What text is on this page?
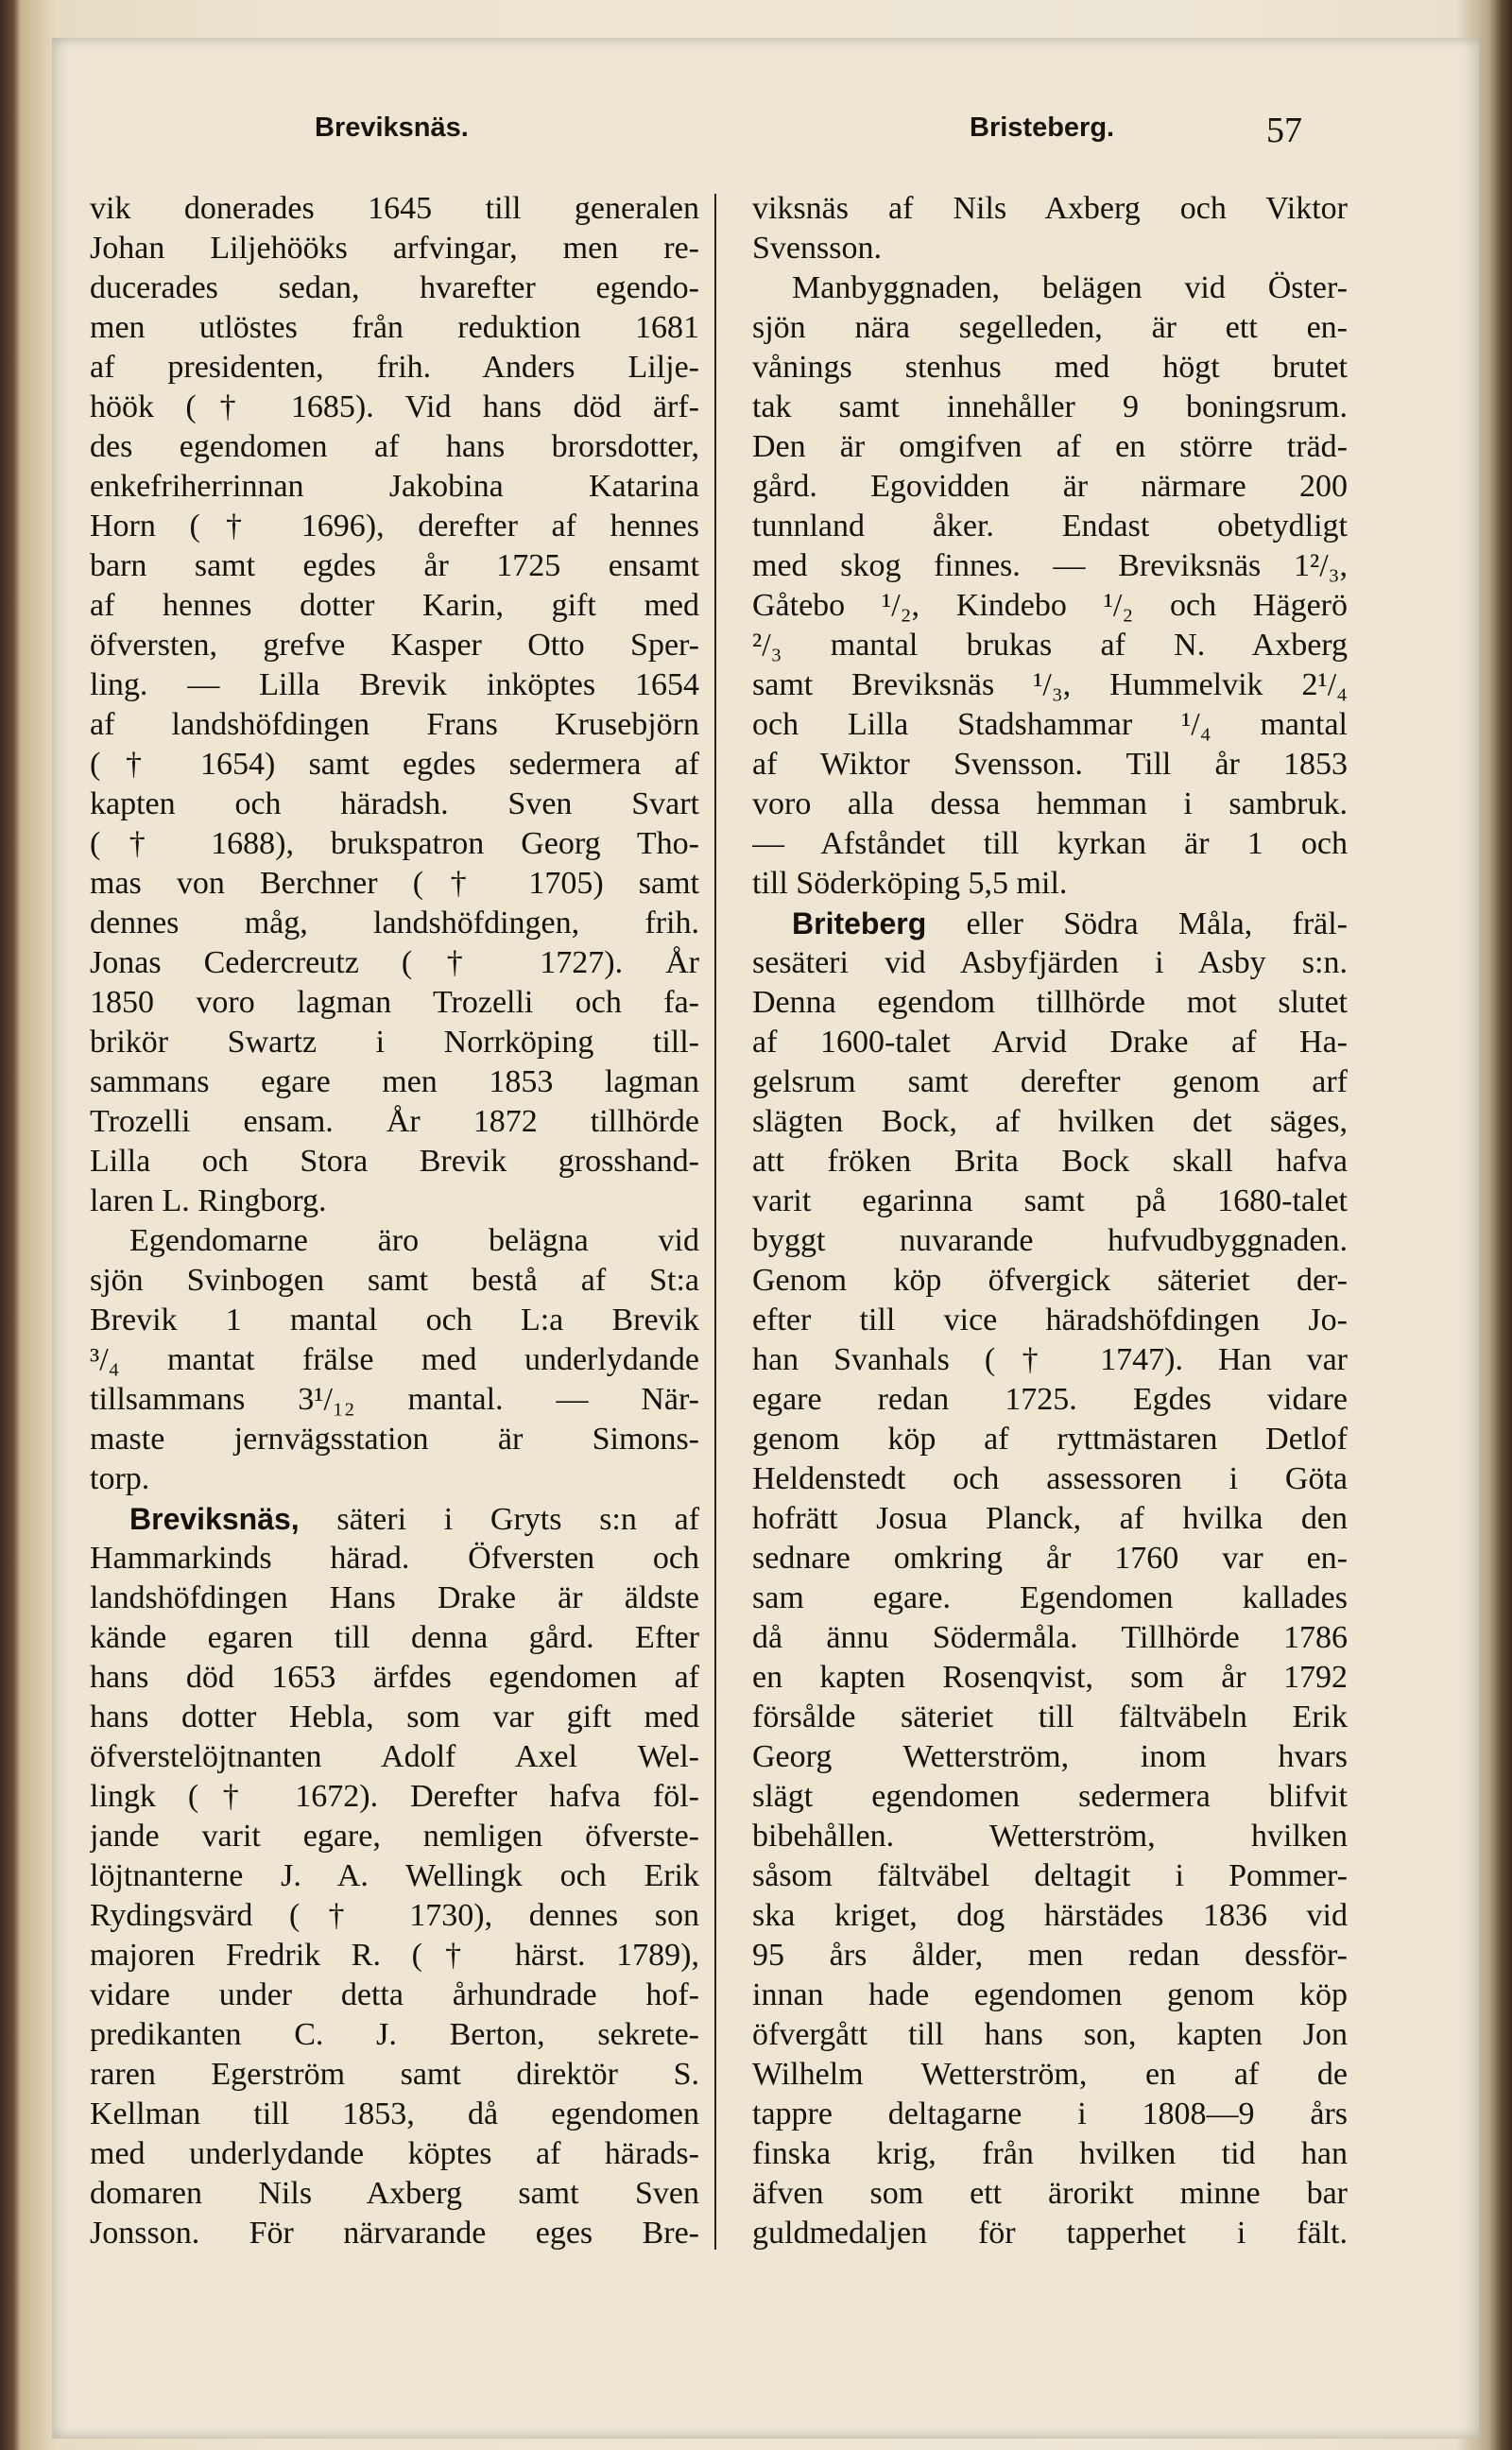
Breviksnäs.	Bristeberg.	57

vik donerades 1645 till generalen

Johan Liljehööks arfvingar, men re-

ducerades sedan, hvarefter egendo-

men utlöstes från reduktion 1681

af presidenten, frih. Anders Lilje-

höök († 1685). Vid hans död ärf-

des egendomen af hans brorsdotter,

enkefriherrinnan Jakobina Katarina

Horn († 1696), derefter af hennes

barn samt egdes år 1725 ensamt

af hennes dotter Karin, gift med

öfversten, grefve Kasper Otto Sper-

ling. — Lilla Brevik inköptes 1654

af landshöfdingen Frans Krusebjörn

(† 1654) samt egdes sedermera af

kapten och häradsh. Sven Svart

(† 1688), brukspatron Georg Tho-

mas von Berchner († 1705) samt

dennes måg, landshöfdingen, frih.

Jonas Cedercreutz († 1727). År

1850 voro lagman Trozelli och fa-

brikör Swartz i Norrköping till-

sammans egare men 1853 lagman

Trozelli ensam. År 1872 tillhörde

Lilla och Stora Brevik grosshand-

laren L. Ringborg.

Egendomarne äro belägna vid

sjön Svinbogen samt bestå af St:a

Brevik 1 mantal och L:a Brevik

³/₄ mantat frälse med underlydande

tillsammans 3¹/₁₂ mantal. — När-

maste jernvägsstation är Simons-

torp.

Breviksnäs, säteri i Gryts s:n af

Hammarkinds härad. Öfversten och

landshöfdingen Hans Drake är äldste

kände egaren till denna gård. Efter

hans död 1653 ärfdes egendomen af

hans dotter Hebla, som var gift med

öfverstelöjtnanten Adolf Axel Wel-

lingk († 1672). Derefter hafva föl-

jande varit egare, nemligen öfverste-

löjtnanterne J. A. Wellingk och Erik

Rydingsvärd († 1730), dennes son

majoren Fredrik R. († härst. 1789),

vidare under detta århundrade hof-

predikanten C. J. Berton, sekrete-

raren Egerström samt direktör S.

Kellman till 1853, då egendomen

med underlydande köptes af härads-

domaren Nils Axberg samt Sven

Jonsson. För närvarande eges Bre-

viksnäs af Nils Axberg och Viktor

Svensson.

Manbyggnaden, belägen vid Öster-

sjön nära segelleden, är ett en-

vånings stenhus med högt brutet

tak samt innehåller 9 boningsrum.

Den är omgifven af en större träd-

gård. Egovidden är närmare 200

tunnland åker. Endast obetydligt

med skog finnes. — Breviksnäs 1²/₃,

Gåtebo ¹/₂, Kindebo ¹/₂ och Hägerö

²/₃ mantal brukas af N. Axberg

samt Breviksnäs ¹/₃, Hummelvik 2¹/₄

och Lilla Stadshammar ¹/₄ mantal

af Wiktor Svensson. Till år 1853

voro alla dessa hemman i sambruk.

— Afståndet till kyrkan är 1 och

till Söderköping 5,5 mil.

Briteberg eller Södra Måla, fräl-

sesäteri vid Asbyfjärden i Asby s:n.

Denna egendom tillhörde mot slutet

af 1600-talet Arvid Drake af Ha-

gelsrum samt derefter genom arf

slägten Bock, af hvilken det säges,

att fröken Brita Bock skall hafva

varit egarinna samt på 1680-talet

byggt nuvarande hufvudbyggnaden.

Genom köp öfvergick säteriet der-

efter till vice häradshöfdingen Jo-

han Svanhals († 1747). Han var

egare redan 1725. Egdes vidare

genom köp af ryttmästaren Detlof

Heldenstedt och assessoren i Göta

hofrätt Josua Planck, af hvilka den

sednare omkring år 1760 var en-

sam egare. Egendomen kallades

då ännu Södermåla. Tillhörde 1786

en kapten Rosenqvist, som år 1792

försålde säteriet till fältväbeln Erik

Georg Wetterström, inom hvars

slägt egendomen sedermera blifvit

bibehållen. Wetterström, hvilken

såsom fältväbel deltagit i Pommer-

ska kriget, dog härstädes 1836 vid

95 års ålder, men redan dessför-

innan hade egendomen genom köp

öfvergått till hans son, kapten Jon

Wilhelm Wetterström, en af de

tappre deltagarne i 1808—9 års

finska krig, från hvilken tid han

äfven som ett ärorikt minne bar

guldmedaljen för tapperhet i fält.
